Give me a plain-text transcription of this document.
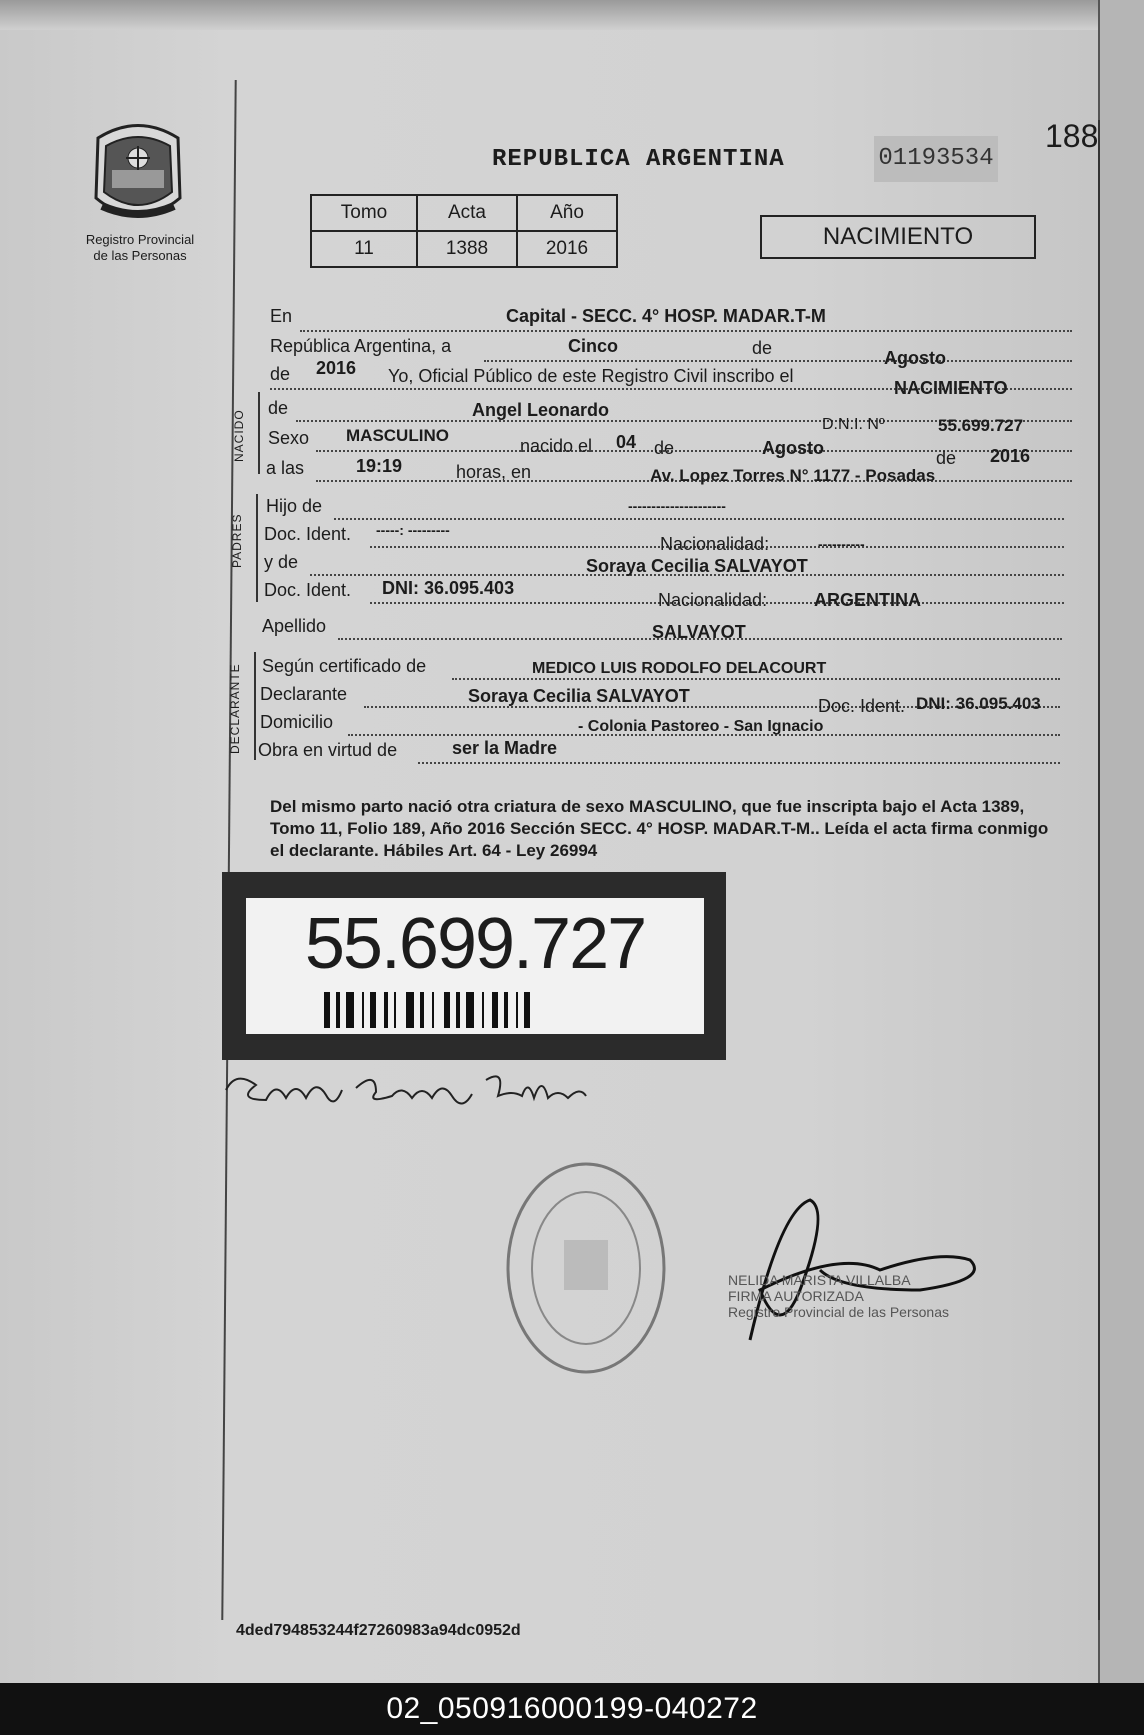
Registro Provincial
de las Personas
188
REPUBLICA ARGENTINA	01193534
Tomo	Acta	Año
11	1388	2016	NACIMIENTO
En	Capital - SECC. 4° HOSP. MADAR.T-M
República Argentina, a	Cinco	de	Agosto
de 2016 Yo, Oficial Público de este Registro Civil inscribo el
NACIMIENTO
NACIDO
de	Angel Leonardo
D.N.I. Nº	55.699.727
Sexo MASCULINO
nacido el 04 de	Agosto	de 2016
a las	19:19	horas, en	Av. Lopez Torres N° 1177 - Posadas
PADRES
Hijo de	---------------------
Doc. Ident. -----: ---------
Nacionalidad:	----------
y de	Soraya Cecilia SALVAYOT
Doc. Ident. DNI: 36.095.403
Nacionalidad:	ARGENTINA
Apellido	SALVAYOT
DECLARANTE Según certificado de	MEDICO LUIS RODOLFO DELACOURT
Declarante	Soraya Cecilia SALVAYOT	Doc. Ident. DNI: 36.095.403
Domicilio	- Colonia Pastoreo - San Ignacio
Obra en virtud de	ser la Madre
Del mismo parto nació otra criatura de sexo MASCULINO, que fue inscripta bajo el Acta 1389, Tomo 11, Folio 189, Año 2016 Sección SECC. 4° HOSP. MADAR.T-M.. Leída el acta firma conmigo el declarante. Hábiles Art. 64 - Ley 26994
55.699.727
NELIDA MARISTA VILLALBA
FIRMA AUTORIZADA
Registro Provincial de las Personas
4ded794853244f27260983a94dc0952d
02_050916000199-040272
